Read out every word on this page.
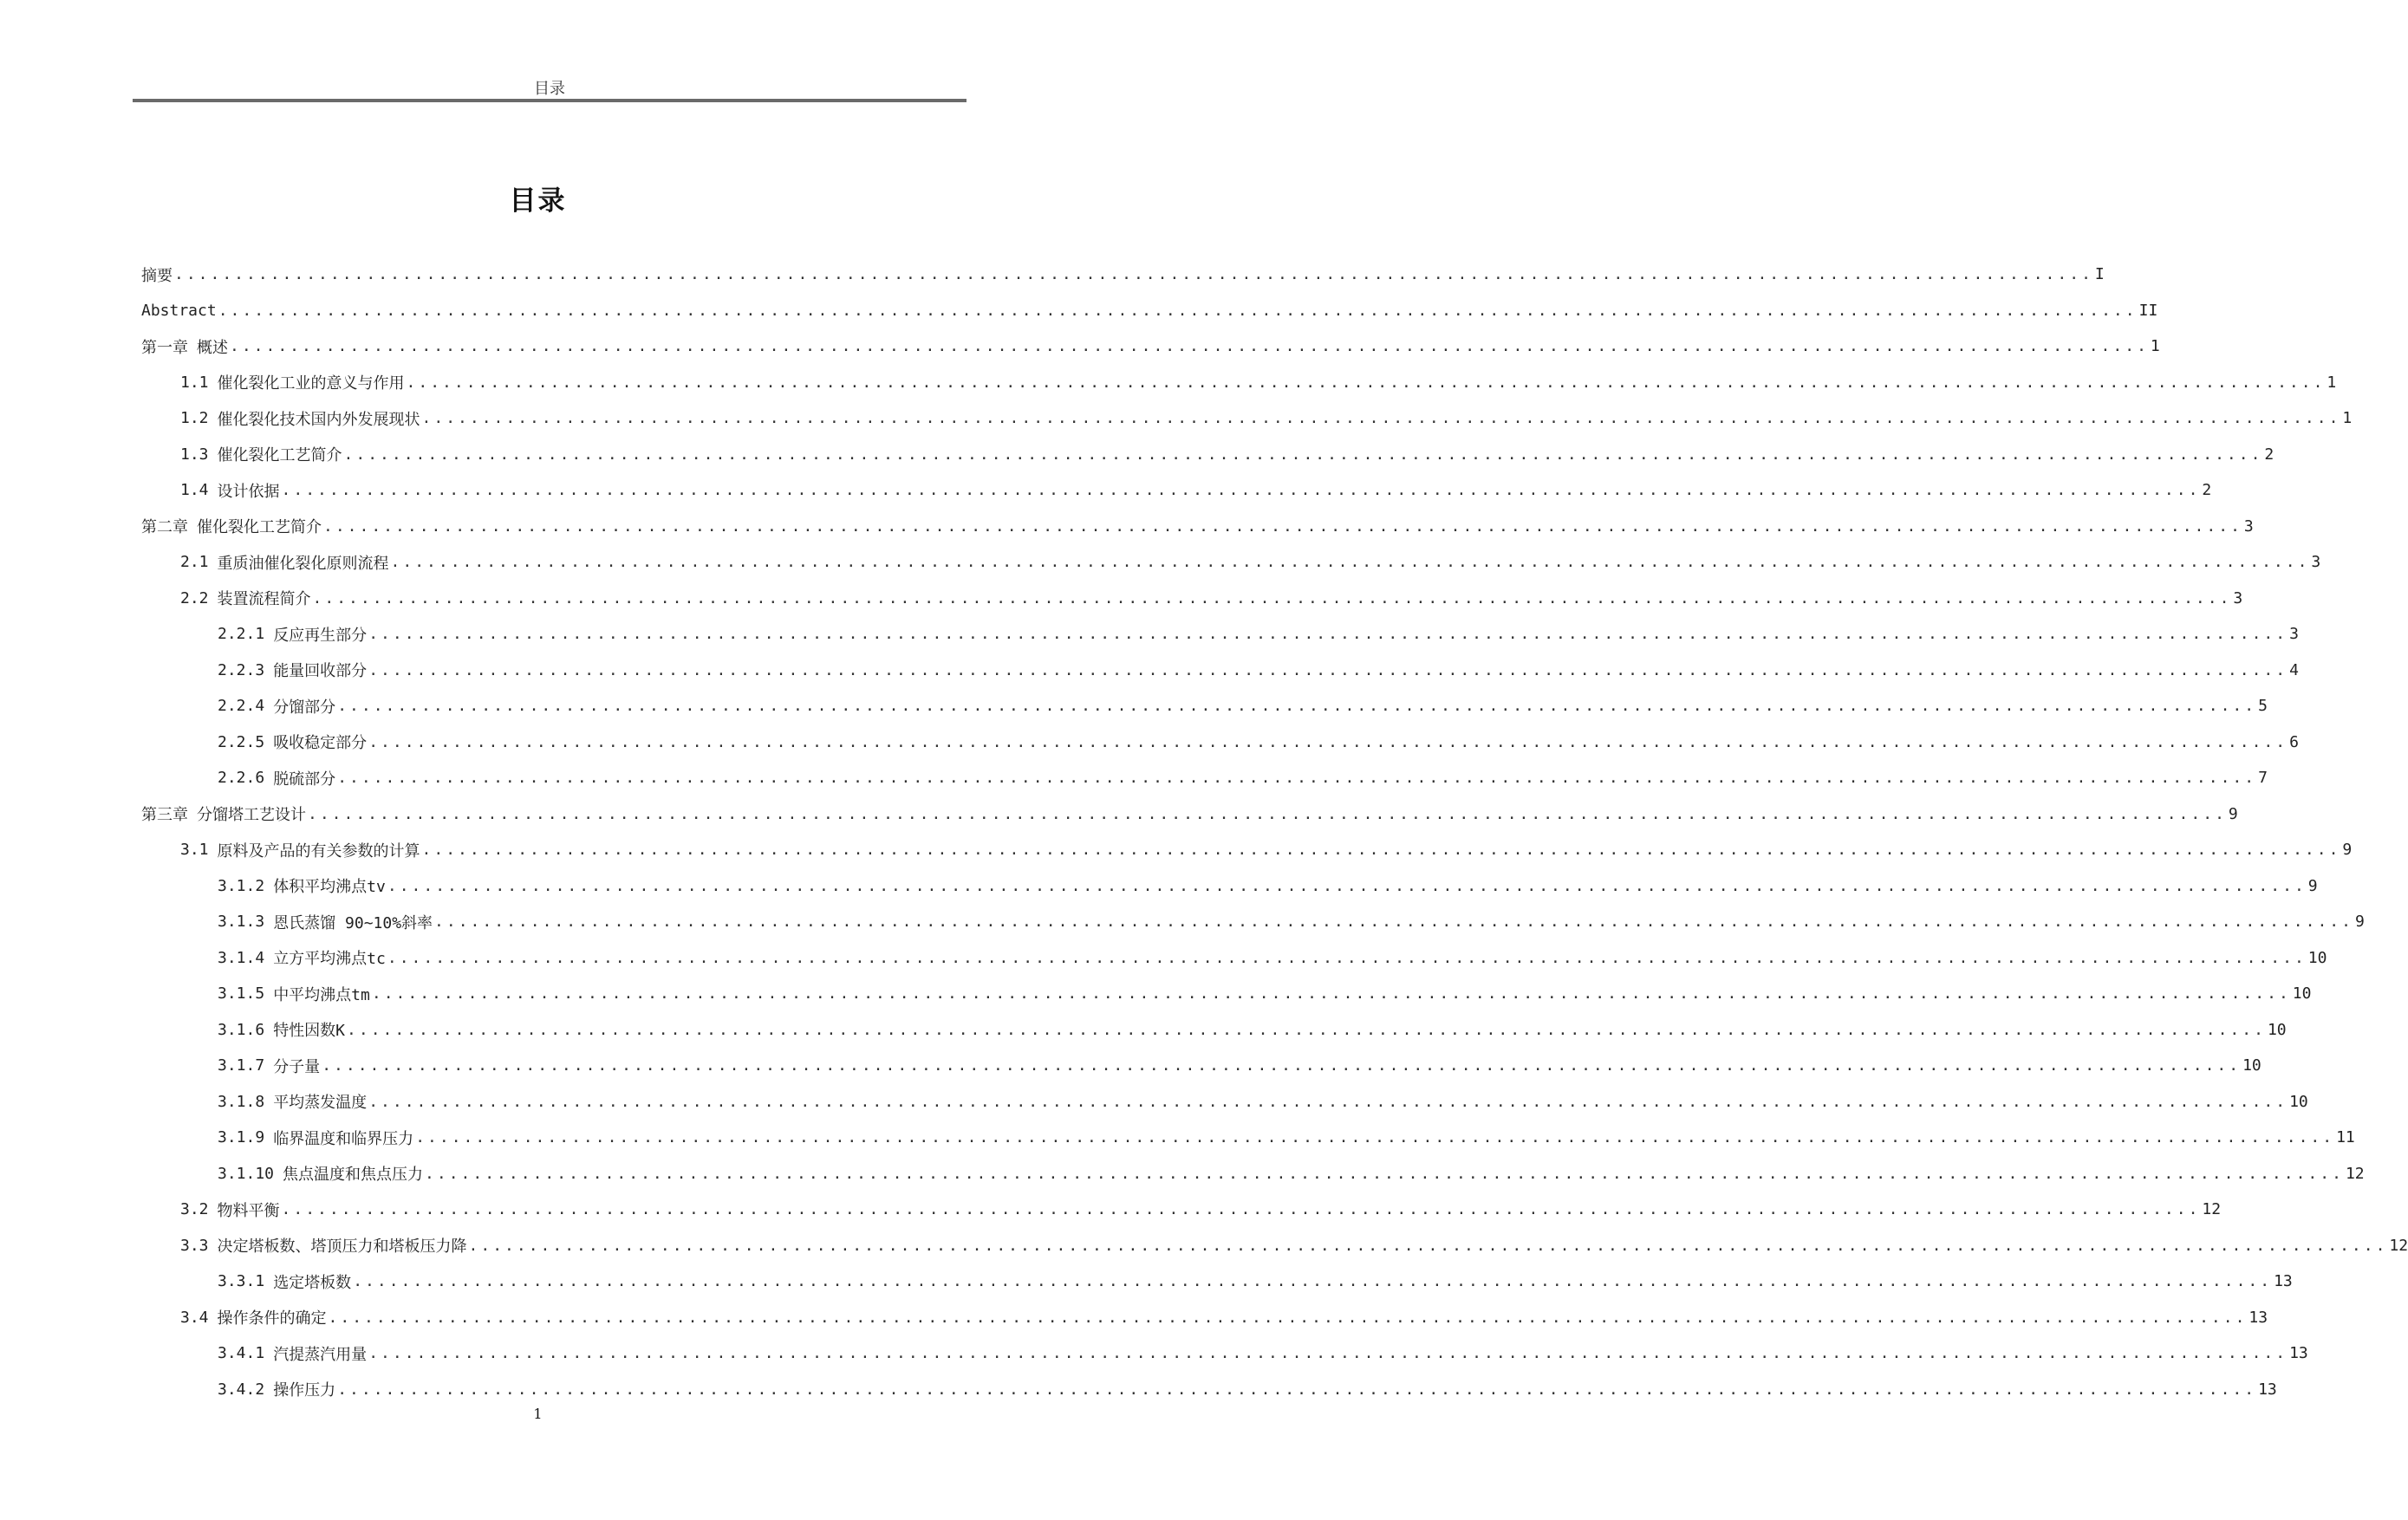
目录
目录
摘要 ................................................................................................................................................................ I
Abstract ................................................................................................................................................................ II
第一章 概述 ................................................................................................................................................................ 1
1.1 催化裂化工业的意义与作用 ................................................................................................................................................................ 1
1.2 催化裂化技术国内外发展现状 ................................................................................................................................................................ 1
1.3 催化裂化工艺简介 ................................................................................................................................................................ 2
1.4 设计依据 ................................................................................................................................................................ 2
第二章 催化裂化工艺简介 ................................................................................................................................................................ 3
2.1 重质油催化裂化原则流程 ................................................................................................................................................................ 3
2.2 装置流程简介 ................................................................................................................................................................ 3
2.2.1 反应再生部分 ................................................................................................................................................................ 3
2.2.3 能量回收部分 ................................................................................................................................................................ 4
2.2.4 分馏部分 ................................................................................................................................................................ 5
2.2.5 吸收稳定部分 ................................................................................................................................................................ 6
2.2.6 脱硫部分 ................................................................................................................................................................ 7
第三章 分馏塔工艺设计 ................................................................................................................................................................ 9
3.1 原料及产品的有关参数的计算 ................................................................................................................................................................ 9
3.1.2 体积平均沸点tv ................................................................................................................................................................ 9
3.1.3 恩氏蒸馏 90~10%斜率 ................................................................................................................................................................ 9
3.1.4 立方平均沸点tc ................................................................................................................................................................ 10
3.1.5 中平均沸点tm ................................................................................................................................................................ 10
3.1.6 特性因数K ................................................................................................................................................................ 10
3.1.7 分子量 ................................................................................................................................................................ 10
3.1.8 平均蒸发温度 ................................................................................................................................................................ 10
3.1.9 临界温度和临界压力 ................................................................................................................................................................ 11
3.1.10 焦点温度和焦点压力 ................................................................................................................................................................ 12
3.2 物料平衡 ................................................................................................................................................................ 12
3.3 决定塔板数、塔顶压力和塔板压力降 ................................................................................................................................................................ 12
3.3.1 选定塔板数 ................................................................................................................................................................ 13
3.4 操作条件的确定 ................................................................................................................................................................ 13
3.4.1 汽提蒸汽用量 ................................................................................................................................................................ 13
3.4.2 操作压力 ................................................................................................................................................................ 13
1
